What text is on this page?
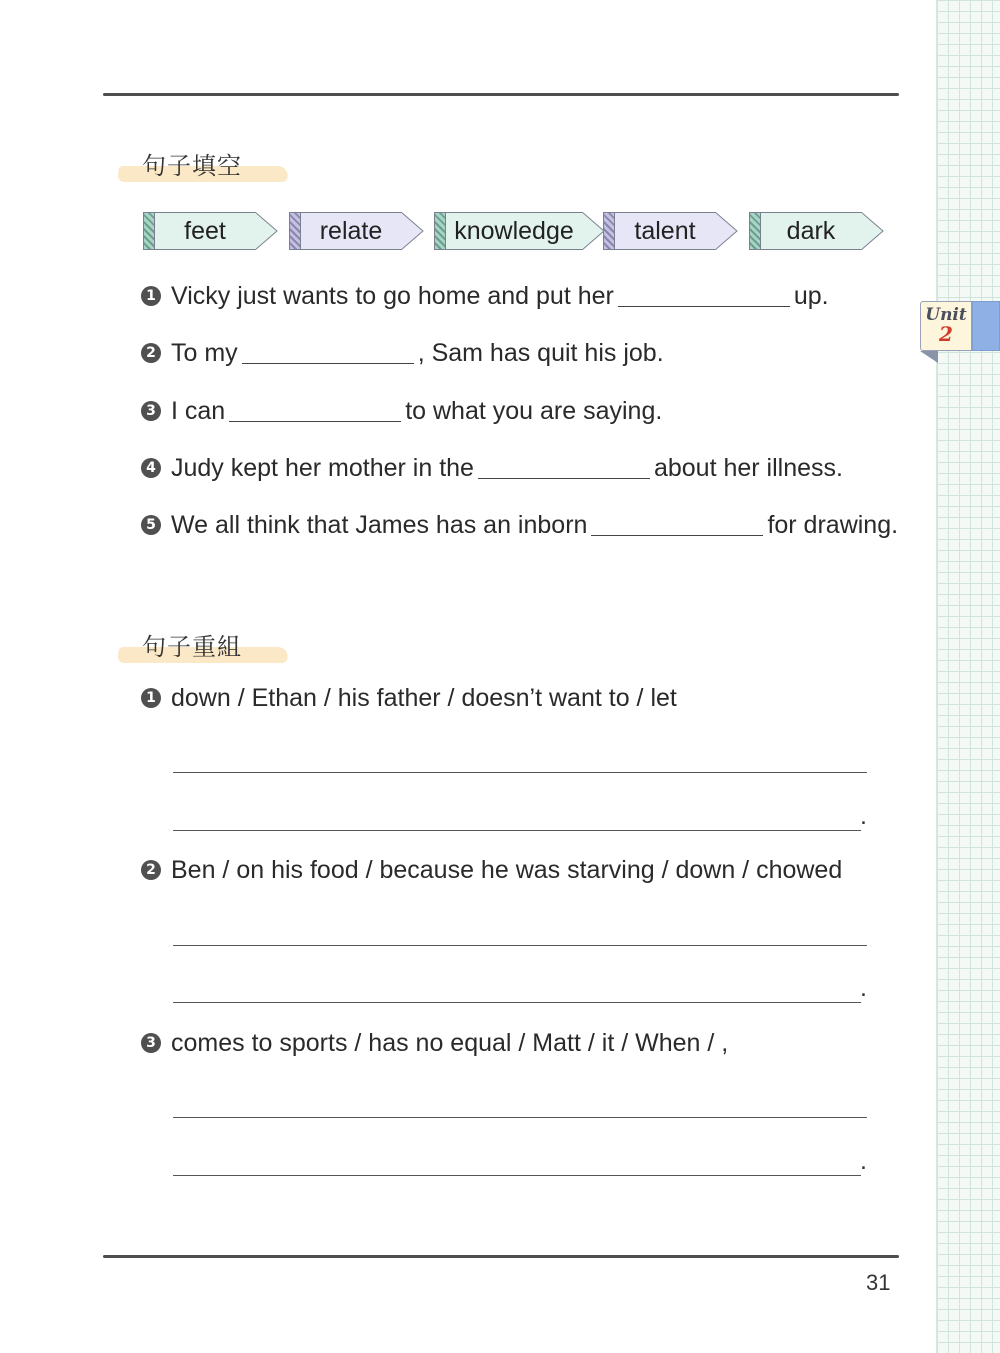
Unit
2
句子填空
feet	relate	knowledge	talent	dark
1 Vicky just wants to go home and put her	up.
2 To my	, Sam has quit his job.
3 I can	to what you are saying.
4 Judy kept her mother in the	about her illness.
5 We all think that James has an inborn	for drawing.
句子重組
1 down / Ethan / his father / doesn’t want to / let
.
2 Ben / on his food / because he was starving / down / chowed
.
3 comes to sports / has no equal / Matt / it / When / ,
.
31
